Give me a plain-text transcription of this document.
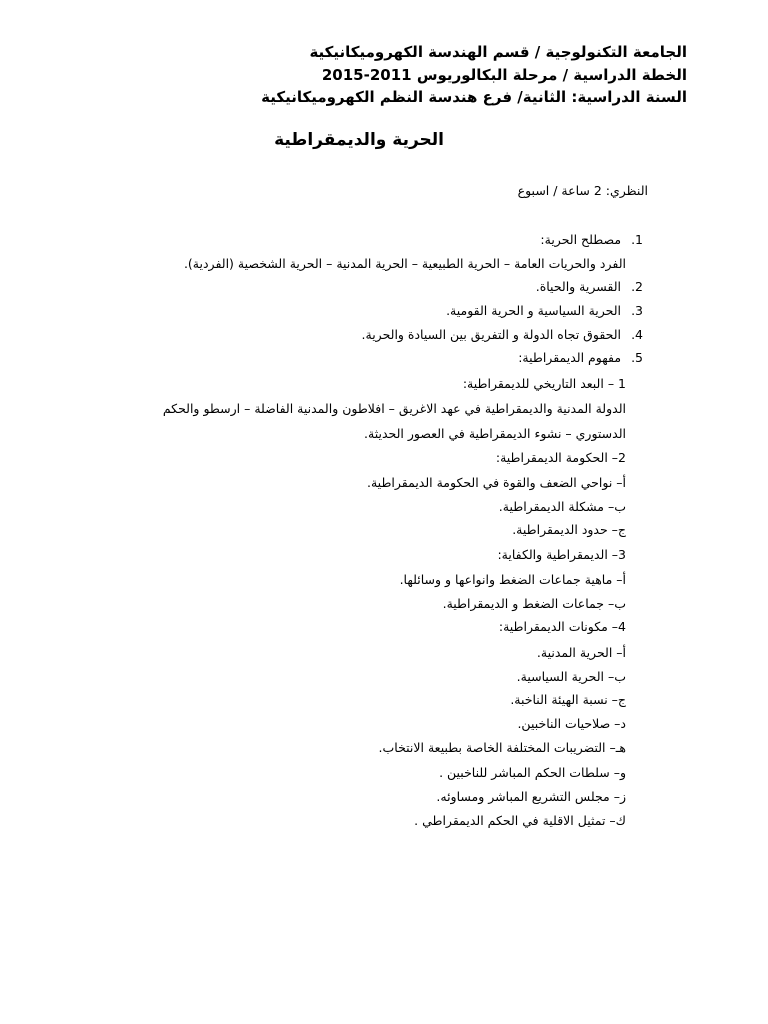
الجامعة التكنولوجية / قسم الهندسة الكهروميكانيكية
الخطة الدراسية / مرحلة البكالوريوس 2011-2015
السنة الدراسية: الثانية/ فرع هندسة النظم الكهروميكانيكية
الحرية والديمقراطية
النظري: 2 ساعة / اسبوع
1. مصطلح الحرية:
الفرد والحريات العامة – الحرية الطبيعية – الحرية المدنية – الحرية الشخصية (الفردية).
2. القسرية والحياة.
3. الحرية السياسية و الحرية القومية.
4. الحقوق تجاه الدولة و التفريق بين السيادة والحرية.
5. مفهوم الديمقراطية:
1 – البعد التاريخي للديمقراطية:
الدولة المدنية والديمقراطية في عهد الاغريق – افلاطون والمدنية الفاضلة – ارسطو والحكم
الدستوري – نشوء الديمقراطية في العصور الحديثة.
2– الحكومة الديمقراطية:
أ– نواحي الضعف والقوة في الحكومة الديمقراطية.
ب– مشكلة الديمقراطية.
ج– حدود الديمقراطية.
3– الديمقراطية والكفاية:
أ– ماهية جماعات الضغط وانواعها و وسائلها.
ب– جماعات الضغط و الديمقراطية.
4– مكونات الديمقراطية:
أ– الحرية المدنية.
ب– الحرية السياسية.
ج– نسبة الهيئة الناخبة.
د– صلاحيات الناخبين.
هـ– التضريبات المختلفة الخاصة بطبيعة الانتخاب.
و– سلطات الحكم المباشر للناخبين .
ز– مجلس التشريع المباشر ومساوئه.
ك– تمثيل الاقلية في الحكم الديمقراطي .
